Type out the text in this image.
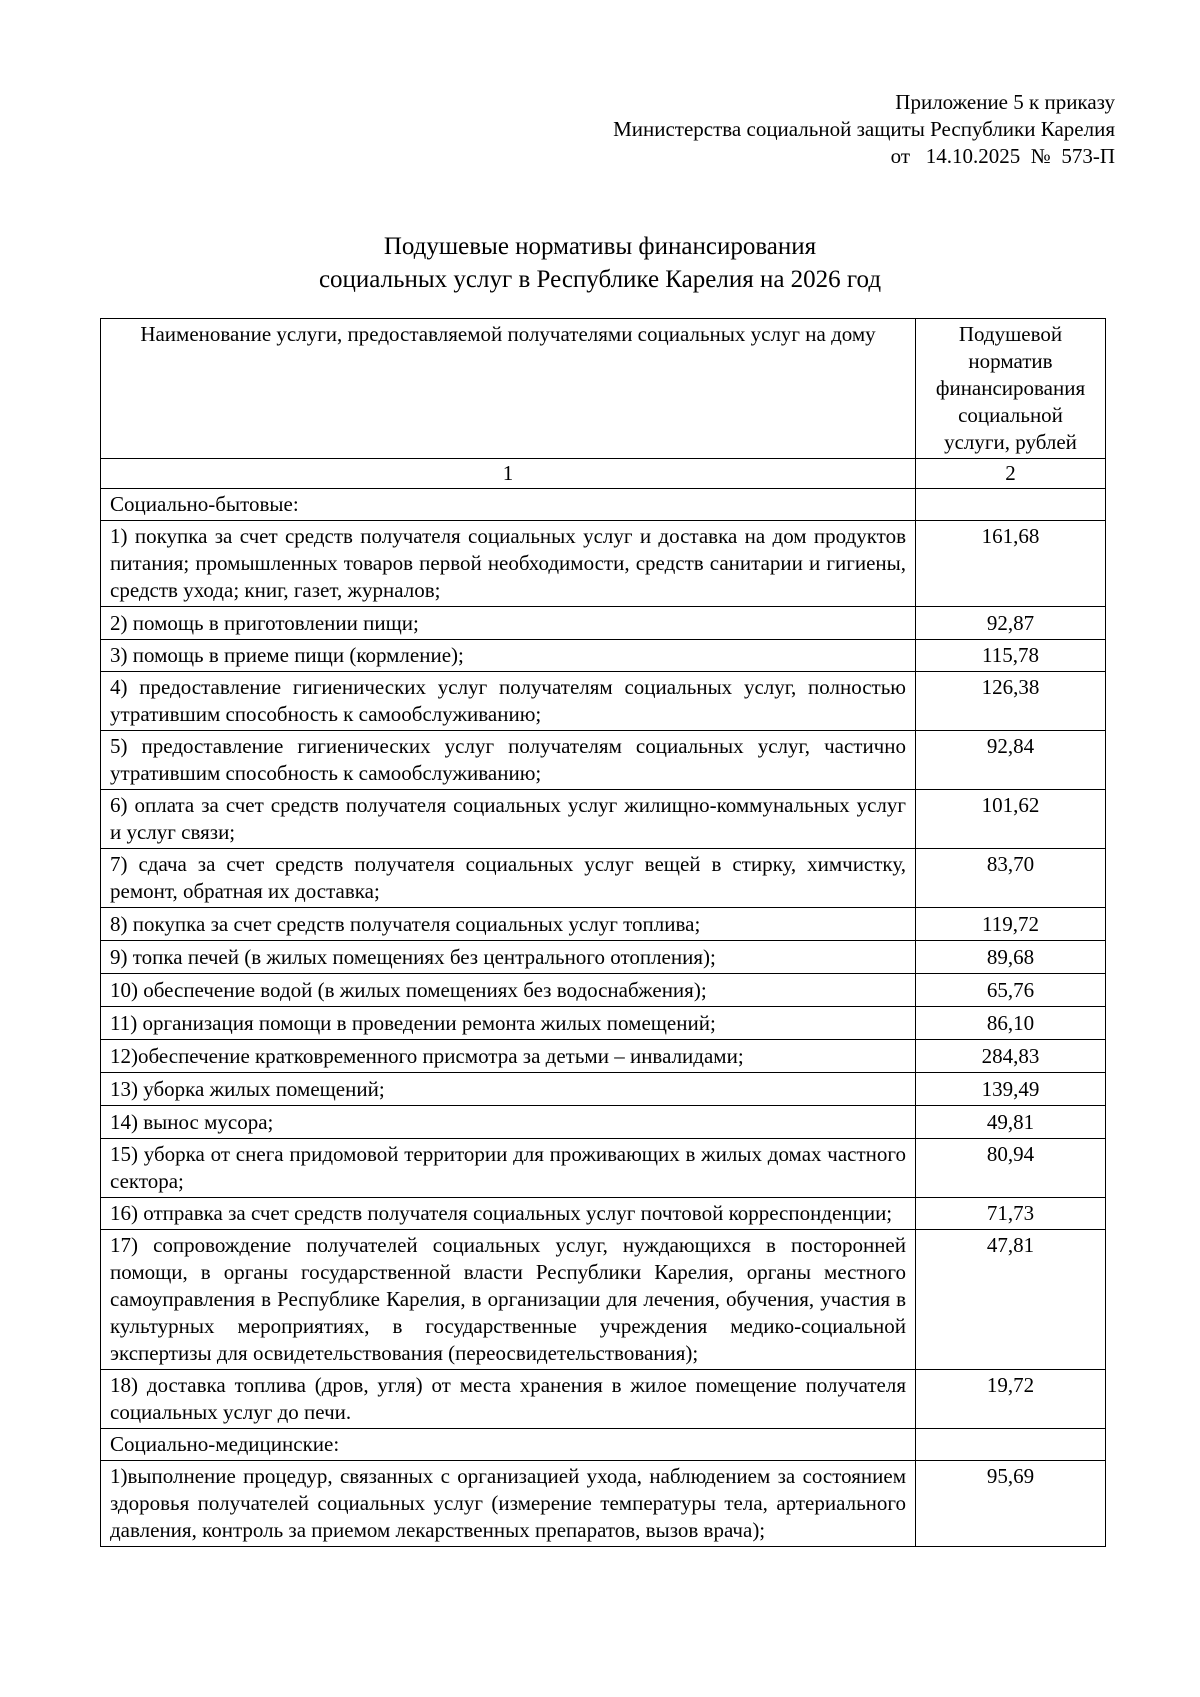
Приложение 5 к приказу
Министерства социальной защиты Республики Карелия
от   14.10.2025  №  573-П
Подушевые нормативы финансирования
социальных услуг в Республике Карелия на 2026 год
Наименование услуги, предоставляемой получателями социальных услуг на дому	Подушевой норматив финансирования социальной услуги, рублей
1	2
Социально-бытовые:	
1) покупка за счет средств получателя социальных услуг и доставка на дом продуктов питания; промышленных товаров первой необходимости, средств санитарии и гигиены, средств ухода; книг, газет, журналов;	161,68
2) помощь в приготовлении пищи;	92,87
3) помощь в приеме пищи (кормление);	115,78
4) предоставление гигиенических услуг получателям социальных услуг, полностью утратившим способность к самообслуживанию;	126,38
5) предоставление гигиенических услуг получателям социальных услуг, частично утратившим способность к самообслуживанию;	92,84
6) оплата за счет средств получателя социальных услуг жилищно-коммунальных услуг и услуг связи;	101,62
7) сдача за счет средств получателя социальных услуг вещей в стирку, химчистку, ремонт, обратная их доставка;	83,70
8) покупка за счет средств получателя социальных услуг топлива;	119,72
9) топка печей (в жилых помещениях без центрального отопления);	89,68
10) обеспечение водой (в жилых помещениях без водоснабжения);	65,76
11) организация помощи в проведении ремонта жилых помещений;	86,10
12)обеспечение кратковременного присмотра за детьми – инвалидами;	284,83
13) уборка жилых помещений;	139,49
14) вынос мусора;	49,81
15) уборка от снега придомовой территории для проживающих в жилых домах частного сектора;	80,94
16) отправка за счет средств получателя социальных услуг почтовой корреспонденции;	71,73
17) сопровождение получателей социальных услуг, нуждающихся в посторонней помощи, в органы государственной власти Республики Карелия, органы местного самоуправления в Республике Карелия, в организации для лечения, обучения, участия в культурных мероприятиях, в государственные учреждения медико-социальной экспертизы для освидетельствования (переосвидетельствования);	47,81
18) доставка топлива (дров, угля) от места хранения в жилое помещение получателя социальных услуг до печи.	19,72
Социально-медицинские:	
1)выполнение процедур, связанных с организацией ухода, наблюдением за состоянием здоровья получателей социальных услуг (измерение температуры тела, артериального давления, контроль за приемом лекарственных препаратов, вызов врача);	95,69
